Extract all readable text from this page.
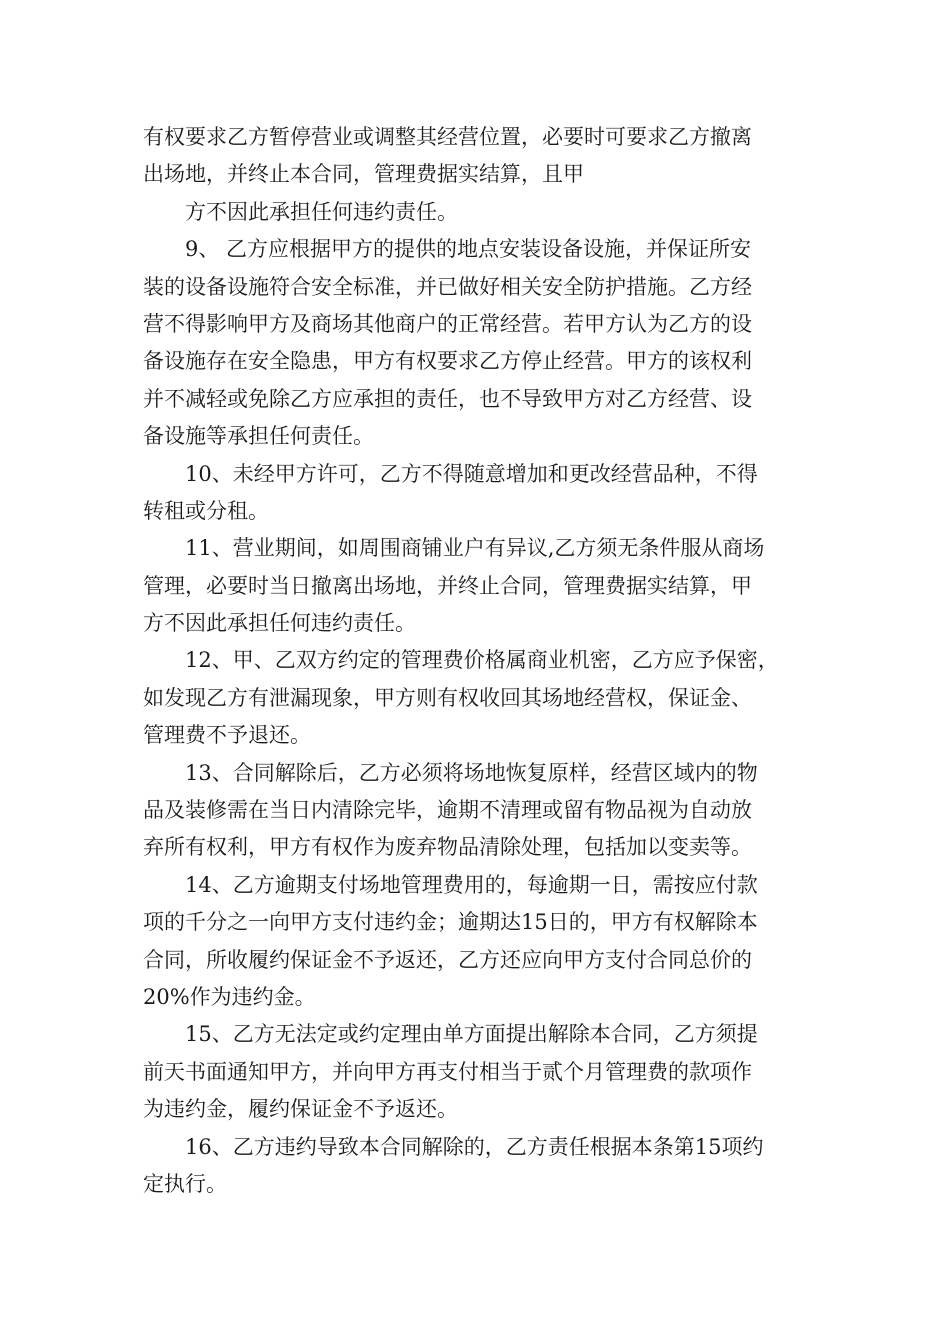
有权要求乙方暂停营业或调整其经营位置，必要时可要求乙方撤离
出场地，并终止本合同，管理费据实结算，且甲
　　方不因此承担任何违约责任。
　　9、 乙方应根据甲方的提供的地点安装设备设施，并保证所安
装的设备设施符合安全标准，并已做好相关安全防护措施。乙方经
营不得影响甲方及商场其他商户的正常经营。若甲方认为乙方的设
备设施存在安全隐患，甲方有权要求乙方停止经营。甲方的该权利
并不减轻或免除乙方应承担的责任，也不导致甲方对乙方经营、设
备设施等承担任何责任。
　　10、未经甲方许可，乙方不得随意增加和更改经营品种，不得
转租或分租。
　　11、营业期间，如周围商铺业户有异议,乙方须无条件服从商场
管理，必要时当日撤离出场地，并终止合同，管理费据实结算，甲
方不因此承担任何违约责任。
　　12、甲、乙双方约定的管理费价格属商业机密，乙方应予保密，
如发现乙方有泄漏现象，甲方则有权收回其场地经营权，保证金、
管理费不予退还。
　　13、合同解除后，乙方必须将场地恢复原样，经营区域内的物
品及装修需在当日内清除完毕，逾期不清理或留有物品视为自动放
弃所有权利，甲方有权作为废弃物品清除处理，包括加以变卖等。
　　14、乙方逾期支付场地管理费用的，每逾期一日，需按应付款
项的千分之一向甲方支付违约金；逾期达15日的，甲方有权解除本
合同，所收履约保证金不予返还，乙方还应向甲方支付合同总价的
20%作为违约金。
　　15、乙方无法定或约定理由单方面提出解除本合同，乙方须提
前天书面通知甲方，并向甲方再支付相当于贰个月管理费的款项作
为违约金，履约保证金不予返还。
　　16、乙方违约导致本合同解除的，乙方责任根据本条第15项约
定执行。
